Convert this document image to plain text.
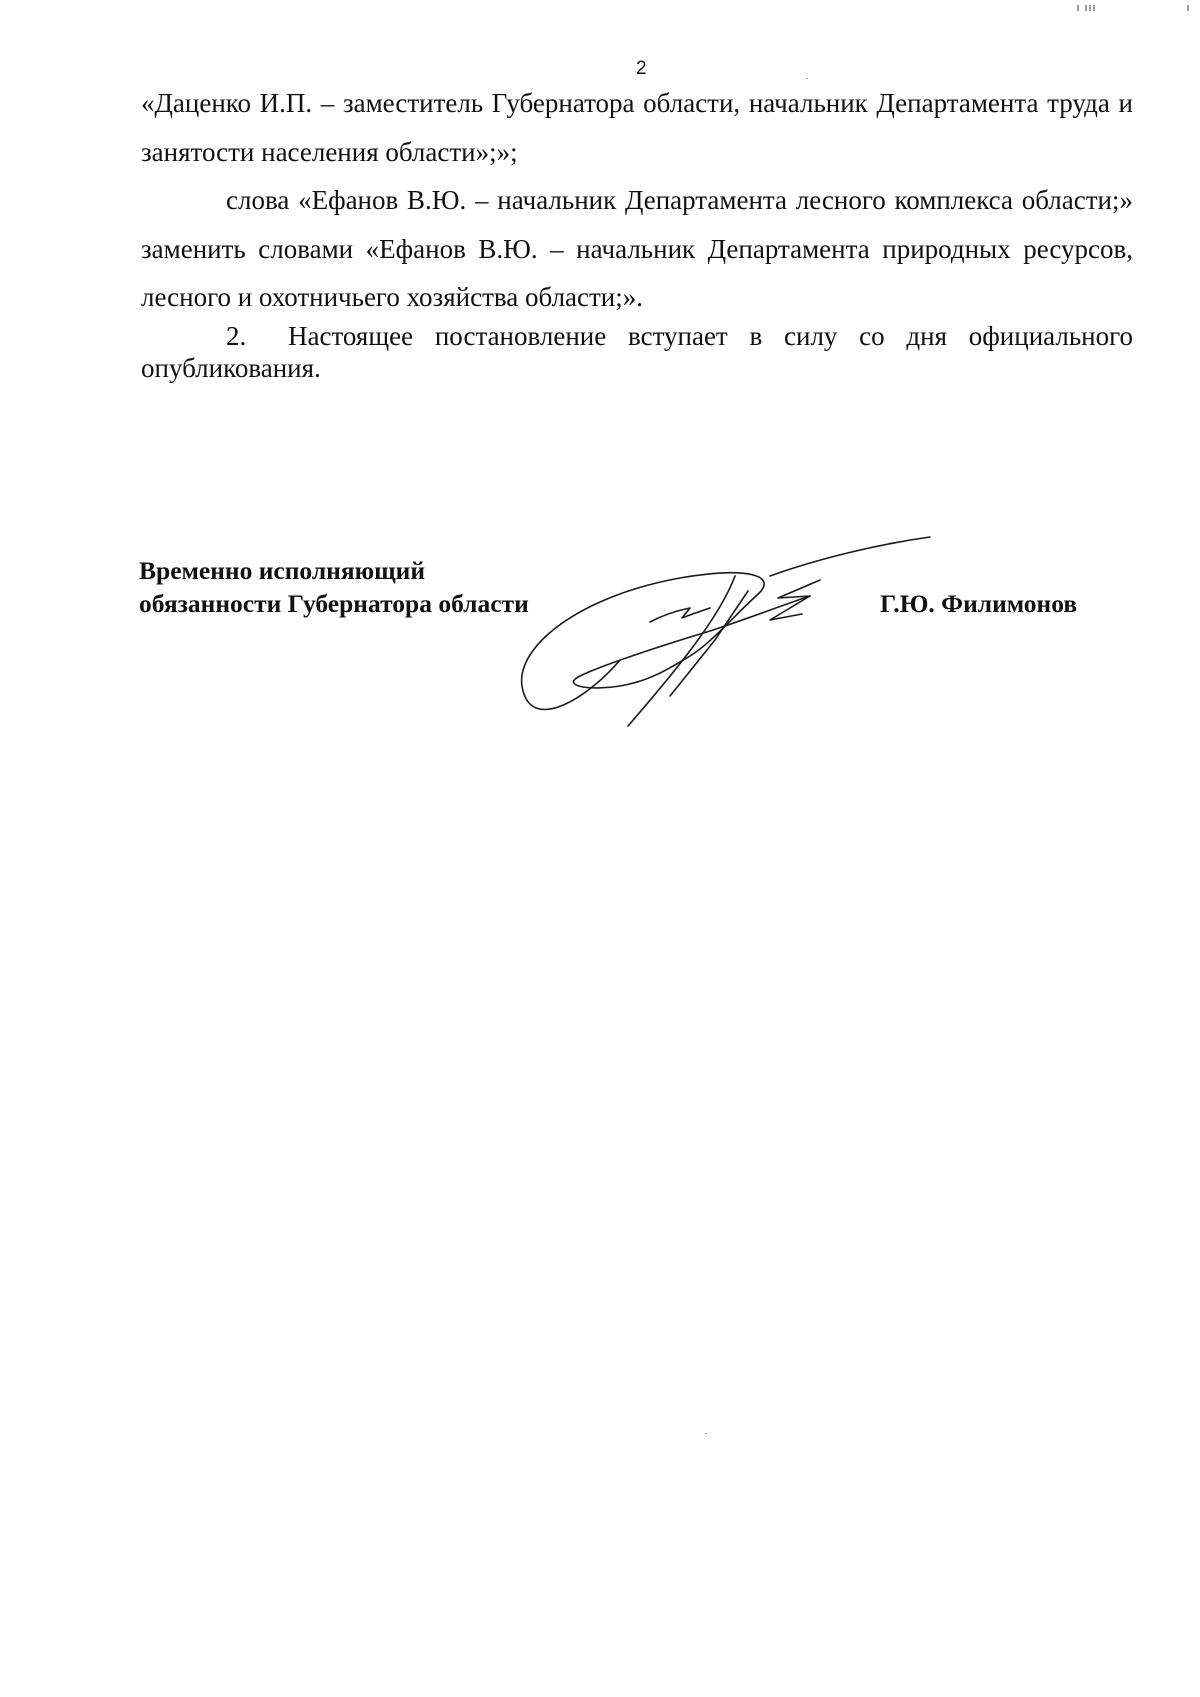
2
«Даценко И.П. – заместитель Губернатора области, начальник Департамента труда и занятости населения области»;»;
слова «Ефанов В.Ю. – начальник Департамента лесного комплекса области;» заменить словами «Ефанов В.Ю. – начальник Департамента природных ресурсов, лесного и охотничьего хозяйства области;».
2. Настоящее постановление вступает в силу со дня официального опубликования.
Временно исполняющий
обязанности Губернатора области	Г.Ю. Филимонов
